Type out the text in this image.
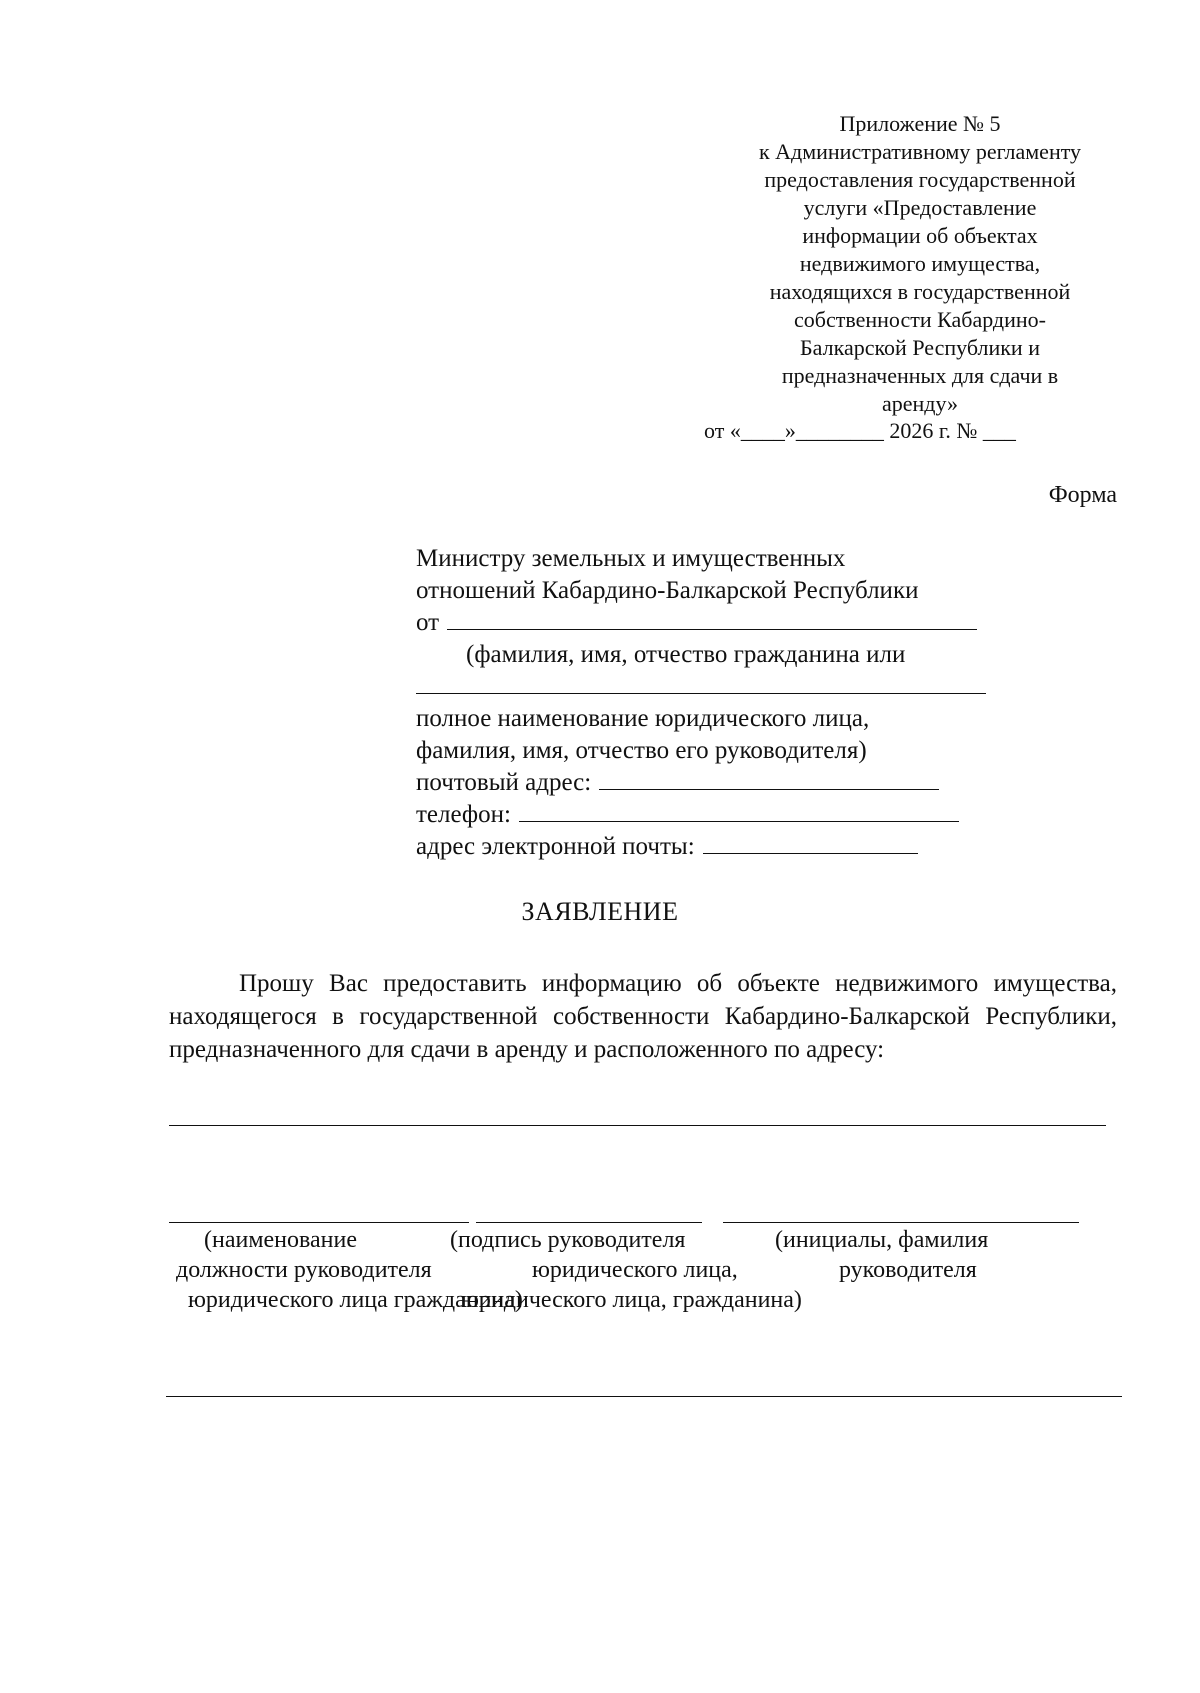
Приложение № 5
к Административному регламенту
предоставления государственной
услуги «Предоставление
информации об объектах
недвижимого имущества,
находящихся в государственной
собственности Кабардино-
Балкарской Республики и
предназначенных для сдачи в
аренду»
от «____»________ 2026 г. № ___
Форма
Министру земельных и имущественных
отношений Кабардино-Балкарской Республики
от
(фамилия, имя, отчество гражданина или
полное наименование юридического лица,
фамилия, имя, отчество его руководителя)
почтовый адрес:
телефон:
адрес электронной почты:
ЗАЯВЛЕНИЕ
Прошу Вас предоставить информацию об объекте недвижимого имущества, находящегося в государственной собственности Кабардино-Балкарской Республики, предназначенного для сдачи в аренду и расположенного по адресу:
(наименование
должности руководителя
юридического лица гражданина)
(подпись руководителя
юридического лица,
юридического лица, гражданина)
(инициалы, фамилия
руководителя
